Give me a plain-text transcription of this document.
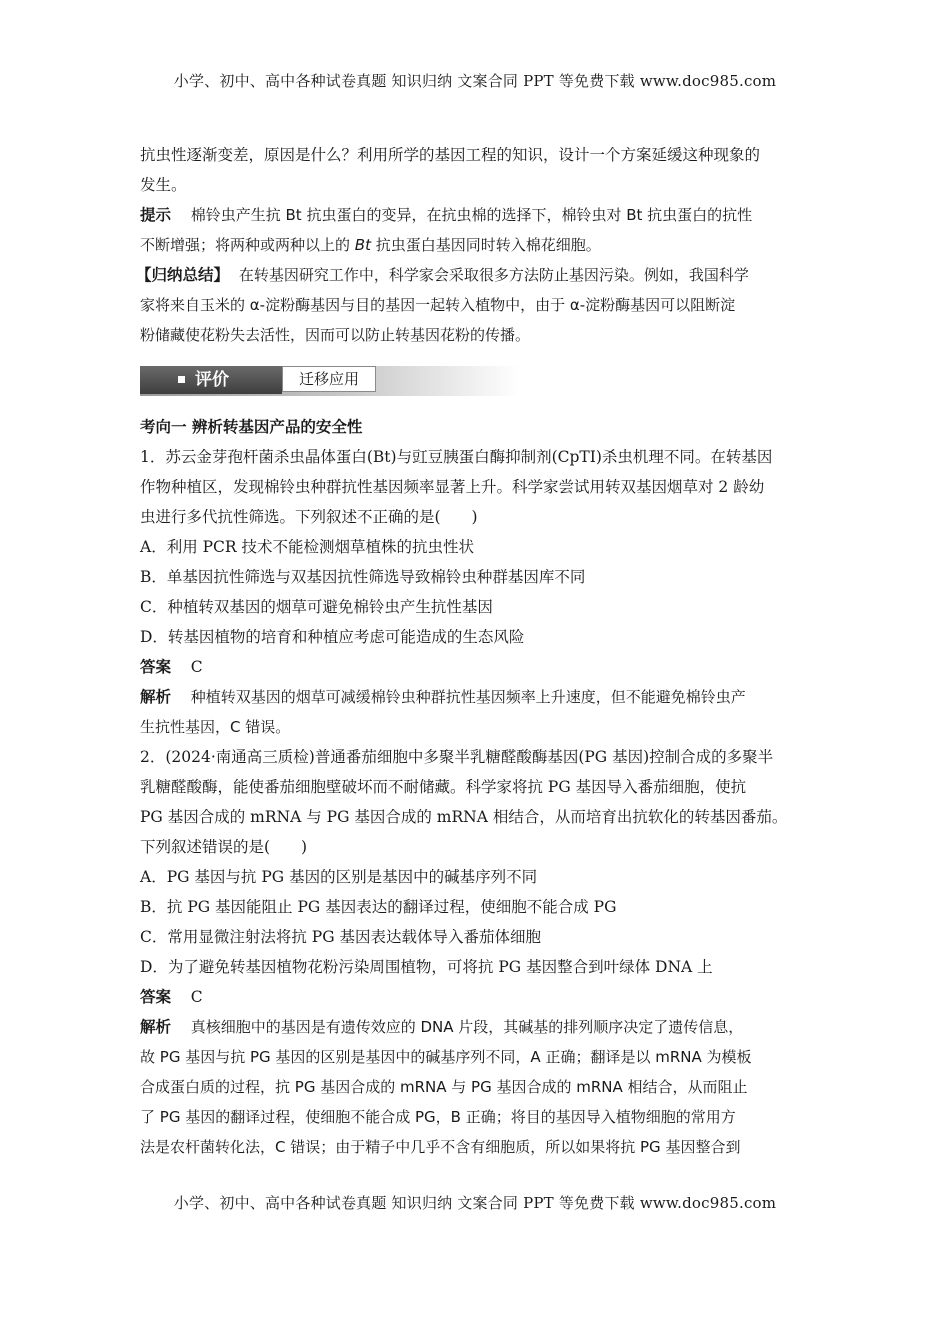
小学、初中、高中各种试卷真题 知识归纳 文案合同 PPT 等免费下载 www.doc985.com

抗虫性逐渐变差，原因是什么？利用所学的基因工程的知识，设计一个方案延缓这种现象的

发生。

提示 棉铃虫产生抗 Bt 抗虫蛋白的变异，在抗虫棉的选择下，棉铃虫对 Bt 抗虫蛋白的抗性

不断增强；将两种或两种以上的 Bt 抗虫蛋白基因同时转入棉花细胞。

【归纳总结】 在转基因研究工作中，科学家会采取很多方法防止基因污染。例如，我国科学

家将来自玉米的 α-淀粉酶基因与目的基因一起转入植物中，由于 α-淀粉酶基因可以阻断淀

粉储藏使花粉失去活性，因而可以防止转基因花粉的传播。

评价	迁移应用

考向一 辨析转基因产品的安全性

1．苏云金芽孢杆菌杀虫晶体蛋白(Bt)与豇豆胰蛋白酶抑制剂(CpTI)杀虫机理不同。在转基因

作物种植区，发现棉铃虫种群抗性基因频率显著上升。科学家尝试用转双基因烟草对 2 龄幼

虫进行多代抗性筛选。下列叙述不正确的是(　　)

A．利用 PCR 技术不能检测烟草植株的抗虫性状

B．单基因抗性筛选与双基因抗性筛选导致棉铃虫种群基因库不同

C．种植转双基因的烟草可避免棉铃虫产生抗性基因

D．转基因植物的培育和种植应考虑可能造成的生态风险

答案 C

解析 种植转双基因的烟草可减缓棉铃虫种群抗性基因频率上升速度，但不能避免棉铃虫产

生抗性基因，C 错误。

2．(2024·南通高三质检)普通番茄细胞中多聚半乳糖醛酸酶基因(PG 基因)控制合成的多聚半

乳糖醛酸酶，能使番茄细胞壁破坏而不耐储藏。科学家将抗 PG 基因导入番茄细胞，使抗

PG 基因合成的 mRNA 与 PG 基因合成的 mRNA 相结合，从而培育出抗软化的转基因番茄。

下列叙述错误的是(　　)

A．PG 基因与抗 PG 基因的区别是基因中的碱基序列不同

B．抗 PG 基因能阻止 PG 基因表达的翻译过程，使细胞不能合成 PG

C．常用显微注射法将抗 PG 基因表达载体导入番茄体细胞

D．为了避免转基因植物花粉污染周围植物，可将抗 PG 基因整合到叶绿体 DNA 上

答案 C

解析 真核细胞中的基因是有遗传效应的 DNA 片段，其碱基的排列顺序决定了遗传信息，

故 PG 基因与抗 PG 基因的区别是基因中的碱基序列不同，A 正确；翻译是以 mRNA 为模板

合成蛋白质的过程，抗 PG 基因合成的 mRNA 与 PG 基因合成的 mRNA 相结合，从而阻止

了 PG 基因的翻译过程，使细胞不能合成 PG，B 正确；将目的基因导入植物细胞的常用方

法是农杆菌转化法，C 错误；由于精子中几乎不含有细胞质，所以如果将抗 PG 基因整合到

小学、初中、高中各种试卷真题 知识归纳 文案合同 PPT 等免费下载 www.doc985.com
